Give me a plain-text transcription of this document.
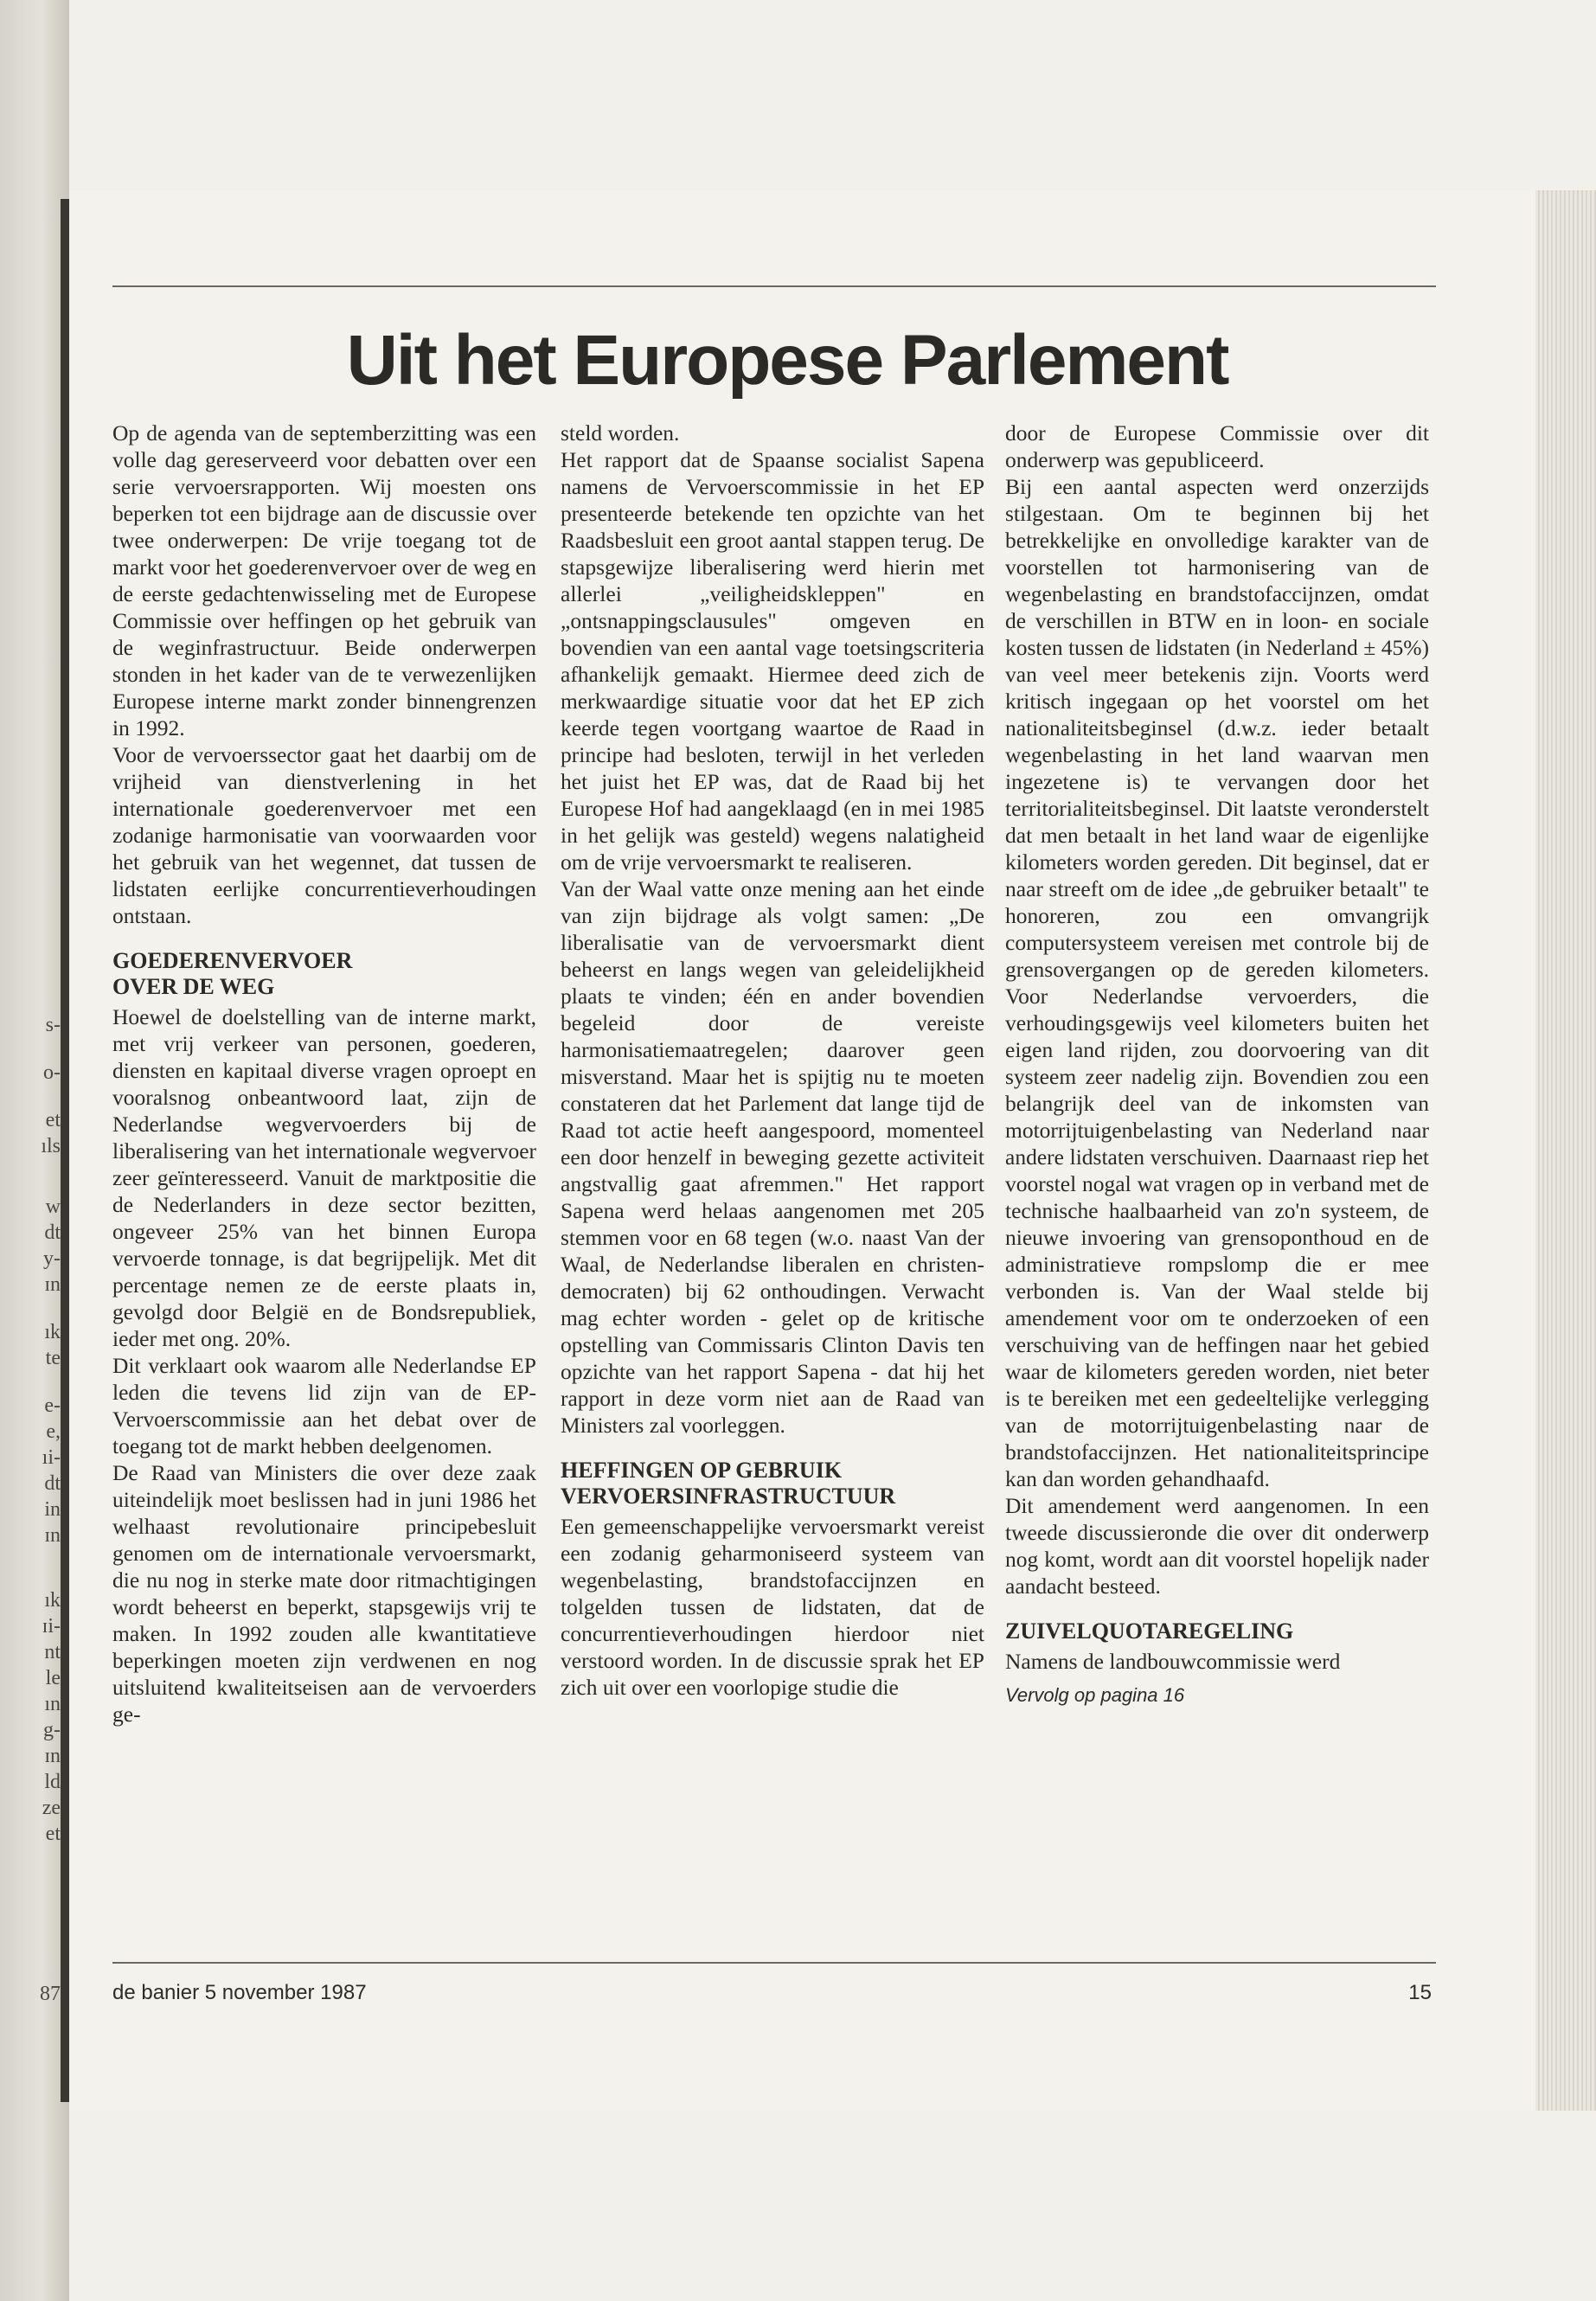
s-
o-
et
ıls
w
dt
y-
ɪn
ık
te
e-
e,
ıi-
dt
in
ɪn
ık
ɪi-
nt
le
ın
g-
ɪn
ld
ze
et
87
Uit het Europese Parlement

Op de agenda van de septemberzitting was een volle dag gereserveerd voor debatten over een serie vervoersrapporten. Wij moesten ons beperken tot een bijdrage aan de discussie over twee onderwerpen: De vrije toegang tot de markt voor het goederenvervoer over de weg en de eerste gedachtenwisseling met de Europese Commissie over heffingen op het gebruik van de weginfrastructuur. Beide onderwerpen stonden in het kader van de te verwezenlijken Europese interne markt zonder binnengrenzen in 1992.

Voor de vervoerssector gaat het daarbij om de vrijheid van dienstverlening in het internationale goederenvervoer met een zodanige harmonisatie van voorwaarden voor het gebruik van het wegennet, dat tussen de lidstaten eerlijke concurrentieverhoudingen ontstaan.

GOEDERENVERVOER
OVER DE WEG

Hoewel de doelstelling van de interne markt, met vrij verkeer van personen, goederen, diensten en kapitaal diverse vragen oproept en vooralsnog onbeantwoord laat, zijn de Nederlandse wegvervoerders bij de liberalisering van het internationale wegvervoer zeer geïnteresseerd. Vanuit de marktpositie die de Nederlanders in deze sector bezitten, ongeveer 25% van het binnen Europa vervoerde tonnage, is dat begrijpelijk. Met dit percentage nemen ze de eerste plaats in, gevolgd door België en de Bondsrepubliek, ieder met ong. 20%.

Dit verklaart ook waarom alle Nederlandse EP leden die tevens lid zijn van de EP-Vervoerscommissie aan het debat over de toegang tot de markt hebben deelgenomen.

De Raad van Ministers die over deze zaak uiteindelijk moet beslissen had in juni 1986 het welhaast revolutionaire principebesluit genomen om de internationale vervoersmarkt, die nu nog in sterke mate door ritmachtigingen wordt beheerst en beperkt, stapsgewijs vrij te maken. In 1992 zouden alle kwantitatieve beperkingen moeten zijn verdwenen en nog uitsluitend kwaliteitseisen aan de vervoerders ge-

steld worden.

Het rapport dat de Spaanse socialist Sapena namens de Vervoerscommissie in het EP presenteerde betekende ten opzichte van het Raadsbesluit een groot aantal stappen terug. De stapsgewijze liberalisering werd hierin met allerlei „veiligheidskleppen" en „ontsnappingsclausules" omgeven en bovendien van een aantal vage toetsingscriteria afhankelijk gemaakt. Hiermee deed zich de merkwaardige situatie voor dat het EP zich keerde tegen voortgang waartoe de Raad in principe had besloten, terwijl in het verleden het juist het EP was, dat de Raad bij het Europese Hof had aangeklaagd (en in mei 1985 in het gelijk was gesteld) wegens nalatigheid om de vrije vervoersmarkt te realiseren.

Van der Waal vatte onze mening aan het einde van zijn bijdrage als volgt samen: „De liberalisatie van de vervoersmarkt dient beheerst en langs wegen van geleidelijkheid plaats te vinden; één en ander bovendien begeleid door de vereiste harmonisatiemaatregelen; daarover geen misverstand. Maar het is spijtig nu te moeten constateren dat het Parlement dat lange tijd de Raad tot actie heeft aangespoord, momenteel een door henzelf in beweging gezette activiteit angstvallig gaat afremmen." Het rapport Sapena werd helaas aangenomen met 205 stemmen voor en 68 tegen (w.o. naast Van der Waal, de Nederlandse liberalen en christen-democraten) bij 62 onthoudingen. Verwacht mag echter worden - gelet op de kritische opstelling van Commissaris Clinton Davis ten opzichte van het rapport Sapena - dat hij het rapport in deze vorm niet aan de Raad van Ministers zal voorleggen.

HEFFINGEN OP GEBRUIK
VERVOERSINFRASTRUCTUUR

Een gemeenschappelijke vervoersmarkt vereist een zodanig geharmoniseerd systeem van wegenbelasting, brandstofaccijnzen en tolgelden tussen de lidstaten, dat de concurrentieverhoudingen hierdoor niet verstoord worden. In de discussie sprak het EP zich uit over een voorlopige studie die

door de Europese Commissie over dit onderwerp was gepubliceerd.

Bij een aantal aspecten werd onzerzijds stilgestaan. Om te beginnen bij het betrekkelijke en onvolledige karakter van de voorstellen tot harmonisering van de wegenbelasting en brandstofaccijnzen, omdat de verschillen in BTW en in loon- en sociale kosten tussen de lidstaten (in Nederland ± 45%) van veel meer betekenis zijn. Voorts werd kritisch ingegaan op het voorstel om het nationaliteitsbeginsel (d.w.z. ieder betaalt wegenbelasting in het land waarvan men ingezetene is) te vervangen door het territorialiteitsbeginsel. Dit laatste veronderstelt dat men betaalt in het land waar de eigenlijke kilometers worden gereden. Dit beginsel, dat er naar streeft om de idee „de gebruiker betaalt" te honoreren, zou een omvangrijk computersysteem vereisen met controle bij de grensovergangen op de gereden kilometers. Voor Nederlandse vervoerders, die verhoudingsgewijs veel kilometers buiten het eigen land rijden, zou doorvoering van dit systeem zeer nadelig zijn. Bovendien zou een belangrijk deel van de inkomsten van motorrijtuigenbelasting van Nederland naar andere lidstaten verschuiven. Daarnaast riep het voorstel nogal wat vragen op in verband met de technische haalbaarheid van zo'n systeem, de nieuwe invoering van grensoponthoud en de administratieve rompslomp die er mee verbonden is. Van der Waal stelde bij amendement voor om te onderzoeken of een verschuiving van de heffingen naar het gebied waar de kilometers gereden worden, niet beter is te bereiken met een gedeeltelijke verlegging van de motorrijtuigenbelasting naar de brandstofaccijnzen. Het nationaliteitsprincipe kan dan worden gehandhaafd.

Dit amendement werd aangenomen. In een tweede discussieronde die over dit onderwerp nog komt, wordt aan dit voorstel hopelijk nader aandacht besteed.

ZUIVELQUOTAREGELING

Namens de landbouwcommissie werd

Vervolg op pagina 16
de banier 5 november 1987	15
